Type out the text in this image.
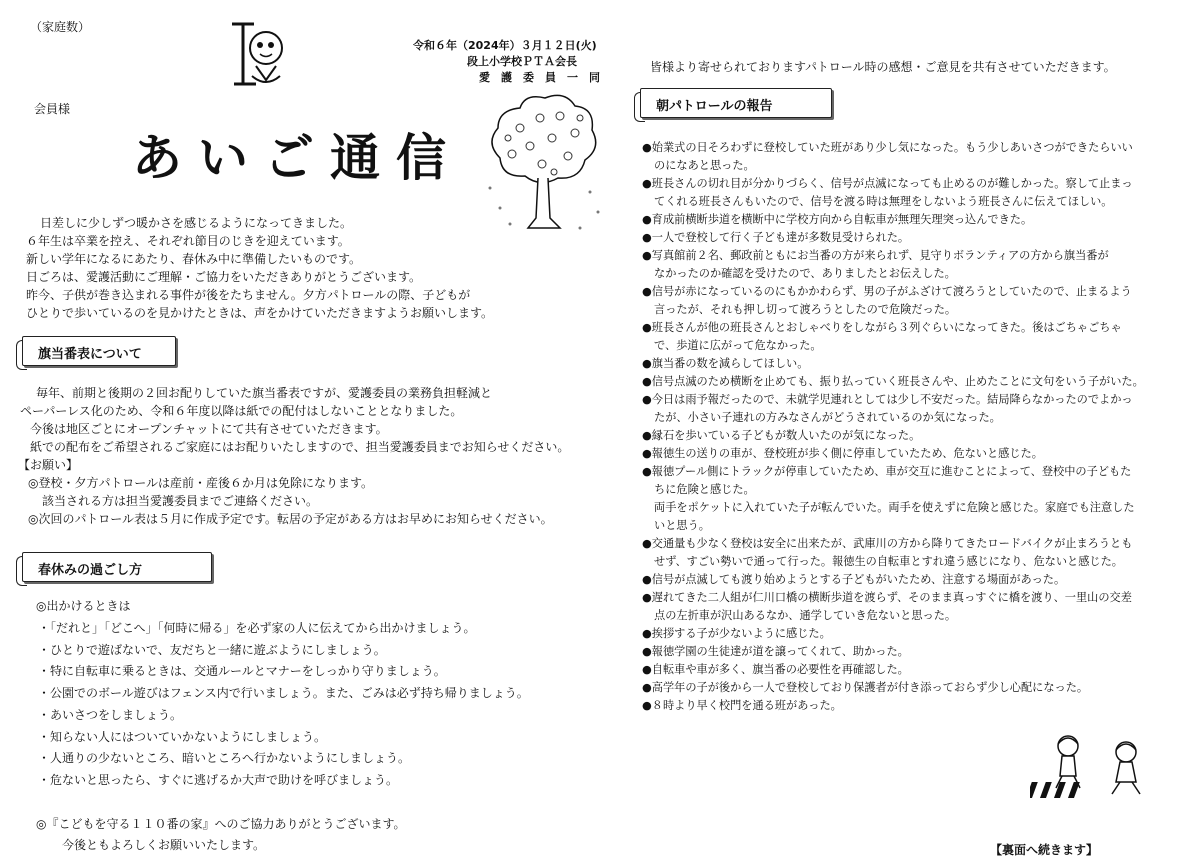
（家庭数）
令和６年（2024年）３月１２日(火)
段上小学校ＰＴＡ会長
愛　護　委　員　一　同
会員様
あいご通信
日差しに少しずつ暖かさを感じるようになってきました。
６年生は卒業を控え、それぞれ節目のじきを迎えています。
新しい学年になるにあたり、春休み中に準備したいものです。
日ごろは、愛護活動にご理解・ご協力をいただきありがとうございます。
昨今、子供が巻き込まれる事件が後をたちません。夕方パトロールの際、子どもが
ひとりで歩いているのを見かけたときは、声をかけていただきますようお願いします。
旗当番表について
毎年、前期と後期の２回お配りしていた旗当番表ですが、愛護委員の業務負担軽減と
ペーパーレス化のため、令和６年度以降は紙での配付はしないこととなりました。
今後は地区ごとにオープンチャットにて共有させていただきます。
紙での配布をご希望されるご家庭にはお配りいたしますので、担当愛護委員までお知らせください。
【お願い】
◎登校・夕方パトロールは産前・産後６か月は免除になります。
該当される方は担当愛護委員までご連絡ください。
◎次回のパトロール表は５月に作成予定です。転居の予定がある方はお早めにお知らせください。
春休みの過ごし方
◎出かけるときは
・「だれと」「どこへ」「何時に帰る」を必ず家の人に伝えてから出かけましょう。
・ひとりで遊ばないで、友だちと一緒に遊ぶようにしましょう。
・特に自転車に乗るときは、交通ルールとマナーをしっかり守りましょう。
・公園でのボール遊びはフェンス内で行いましょう。また、ごみは必ず持ち帰りましょう。
・あいさつをしましょう。
・知らない人にはついていかないようにしましょう。
・人通りの少ないところ、暗いところへ行かないようにしましょう。
・危ないと思ったら、すぐに逃げるか大声で助けを呼びましょう。
◎『こどもを守る１１０番の家』へのご協力ありがとうございます。
今後ともよろしくお願いいたします。
皆様より寄せられておりますパトロール時の感想・ご意見を共有させていただきます。
朝パトロールの報告
●始業式の日そろわずに登校していた班があり少し気になった。もう少しあいさつができたらいい
のになあと思った。
●班長さんの切れ目が分かりづらく、信号が点滅になっても止めるのが難しかった。察して止まっ
てくれる班長さんもいたので、信号を渡る時は無理をしないよう班長さんに伝えてほしい。
●育成前横断歩道を横断中に学校方向から自転車が無理矢理突っ込んできた。
●一人で登校して行く子ども達が多数見受けられた。
●写真館前２名、郵政前ともにお当番の方が来られず、見守りボランティアの方から旗当番が
なかったのか確認を受けたので、ありましたとお伝えした。
●信号が赤になっているのにもかかわらず、男の子がふざけて渡ろうとしていたので、止まるよう
言ったが、それも押し切って渡ろうとしたので危険だった。
●班長さんが他の班長さんとおしゃべりをしながら３列ぐらいになってきた。後はごちゃごちゃ
で、歩道に広がって危なかった。
●旗当番の数を減らしてほしい。
●信号点滅のため横断を止めても、振り払っていく班長さんや、止めたことに文句をいう子がいた。
●今日は雨予報だったので、未就学児連れとしては少し不安だった。結局降らなかったのでよかっ
たが、小さい子連れの方みなさんがどうされているのか気になった。
●縁石を歩いている子どもが数人いたのが気になった。
●報徳生の送りの車が、登校班が歩く側に停車していたため、危ないと感じた。
●報徳プール側にトラックが停車していたため、車が交互に進むことによって、登校中の子どもた
ちに危険と感じた。
両手をポケットに入れていた子が転んでいた。両手を使えずに危険と感じた。家庭でも注意した
いと思う。
●交通量も少なく登校は安全に出来たが、武庫川の方から降りてきたロードバイクが止まろうとも
せず、すごい勢いで通って行った。報徳生の自転車とすれ違う感じになり、危ないと感じた。
●信号が点滅しても渡り始めようとする子どもがいたため、注意する場面があった。
●遅れてきた二人組が仁川口橋の横断歩道を渡らず、そのまま真っすぐに橋を渡り、一里山の交差
点の左折車が沢山あるなか、通学していき危ないと思った。
●挨拶する子が少ないように感じた。
●報徳学園の生徒達が道を譲ってくれて、助かった。
●自転車や車が多く、旗当番の必要性を再確認した。
●高学年の子が後から一人で登校しており保護者が付き添っておらず少し心配になった。
●８時より早く校門を通る班があった。
【裏面へ続きます】
